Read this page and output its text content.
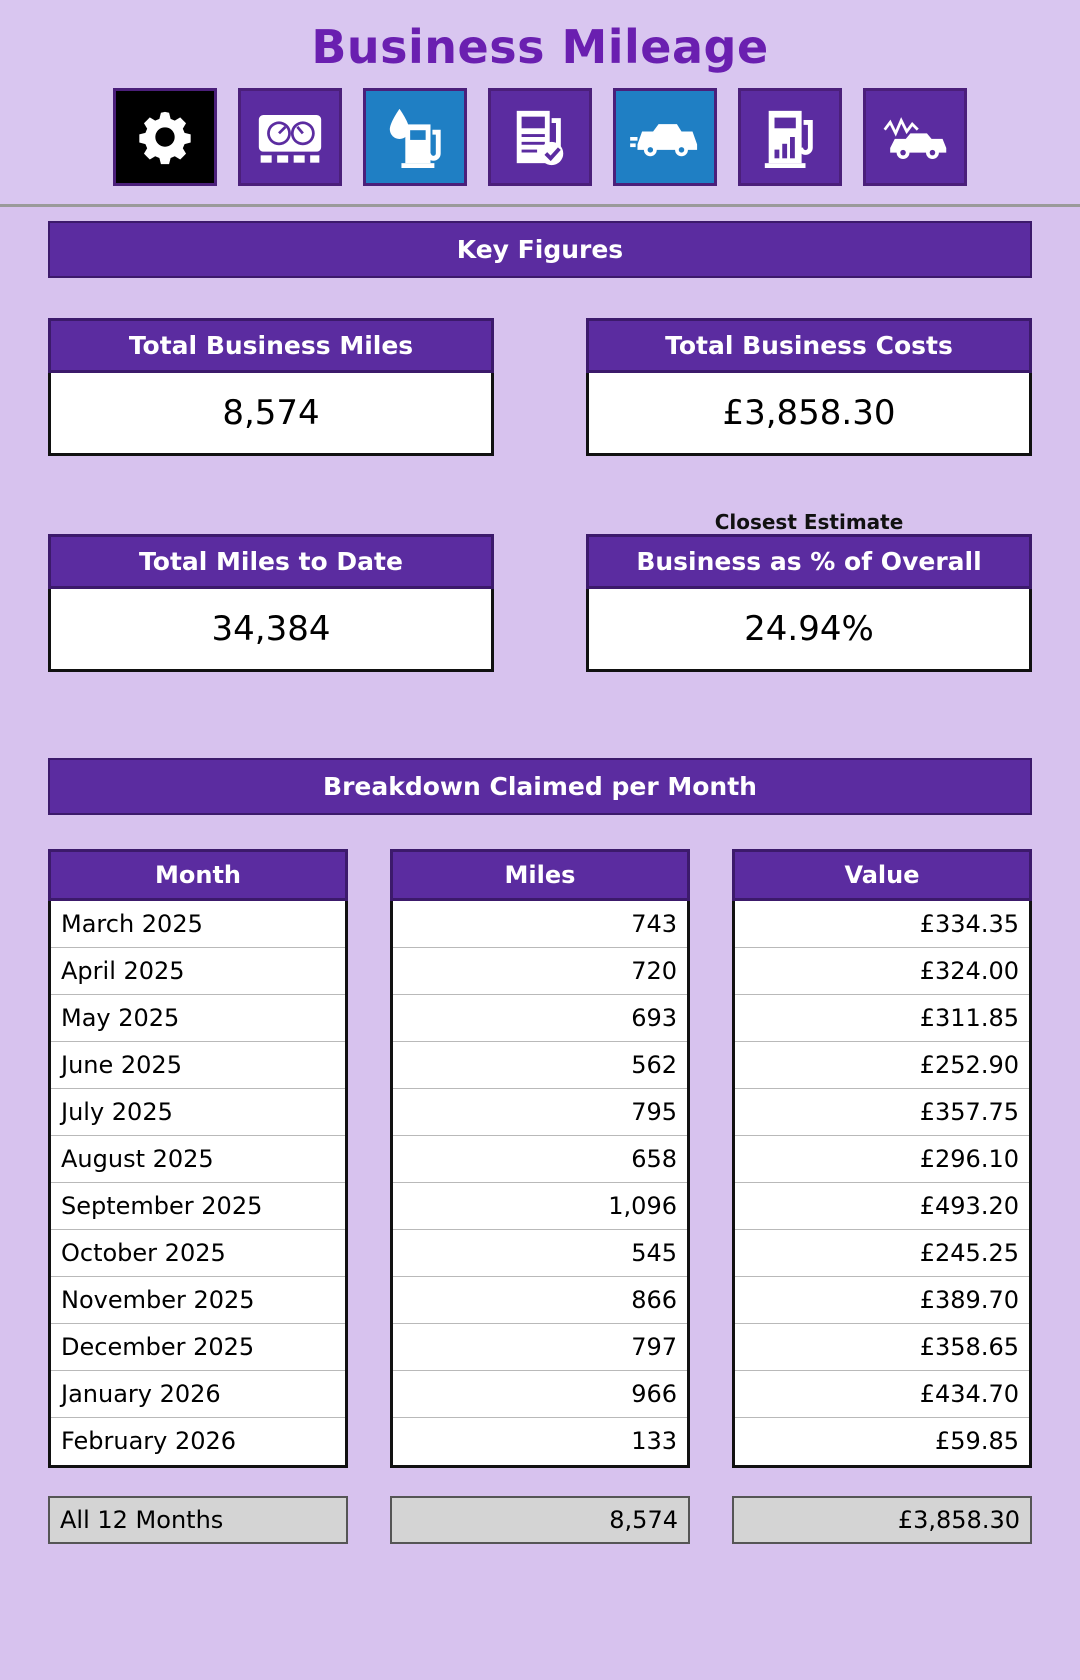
Business Mileage
Key Figures
Total Business Miles
8,574
Total Business Costs
£3,858.30
Total Miles to Date
34,384
Closest Estimate
Business as % of Overall
24.94%
Breakdown Claimed per Month
Month
March 2025
April 2025
May 2025
June 2025
July 2025
August 2025
September 2025
October 2025
November 2025
December 2025
January 2026
February 2026
Miles
743
720
693
562
795
658
1,096
545
866
797
966
133
Value
£334.35
£324.00
£311.85
£252.90
£357.75
£296.10
£493.20
£245.25
£389.70
£358.65
£434.70
£59.85
All 12 Months	8,574	£3,858.30
